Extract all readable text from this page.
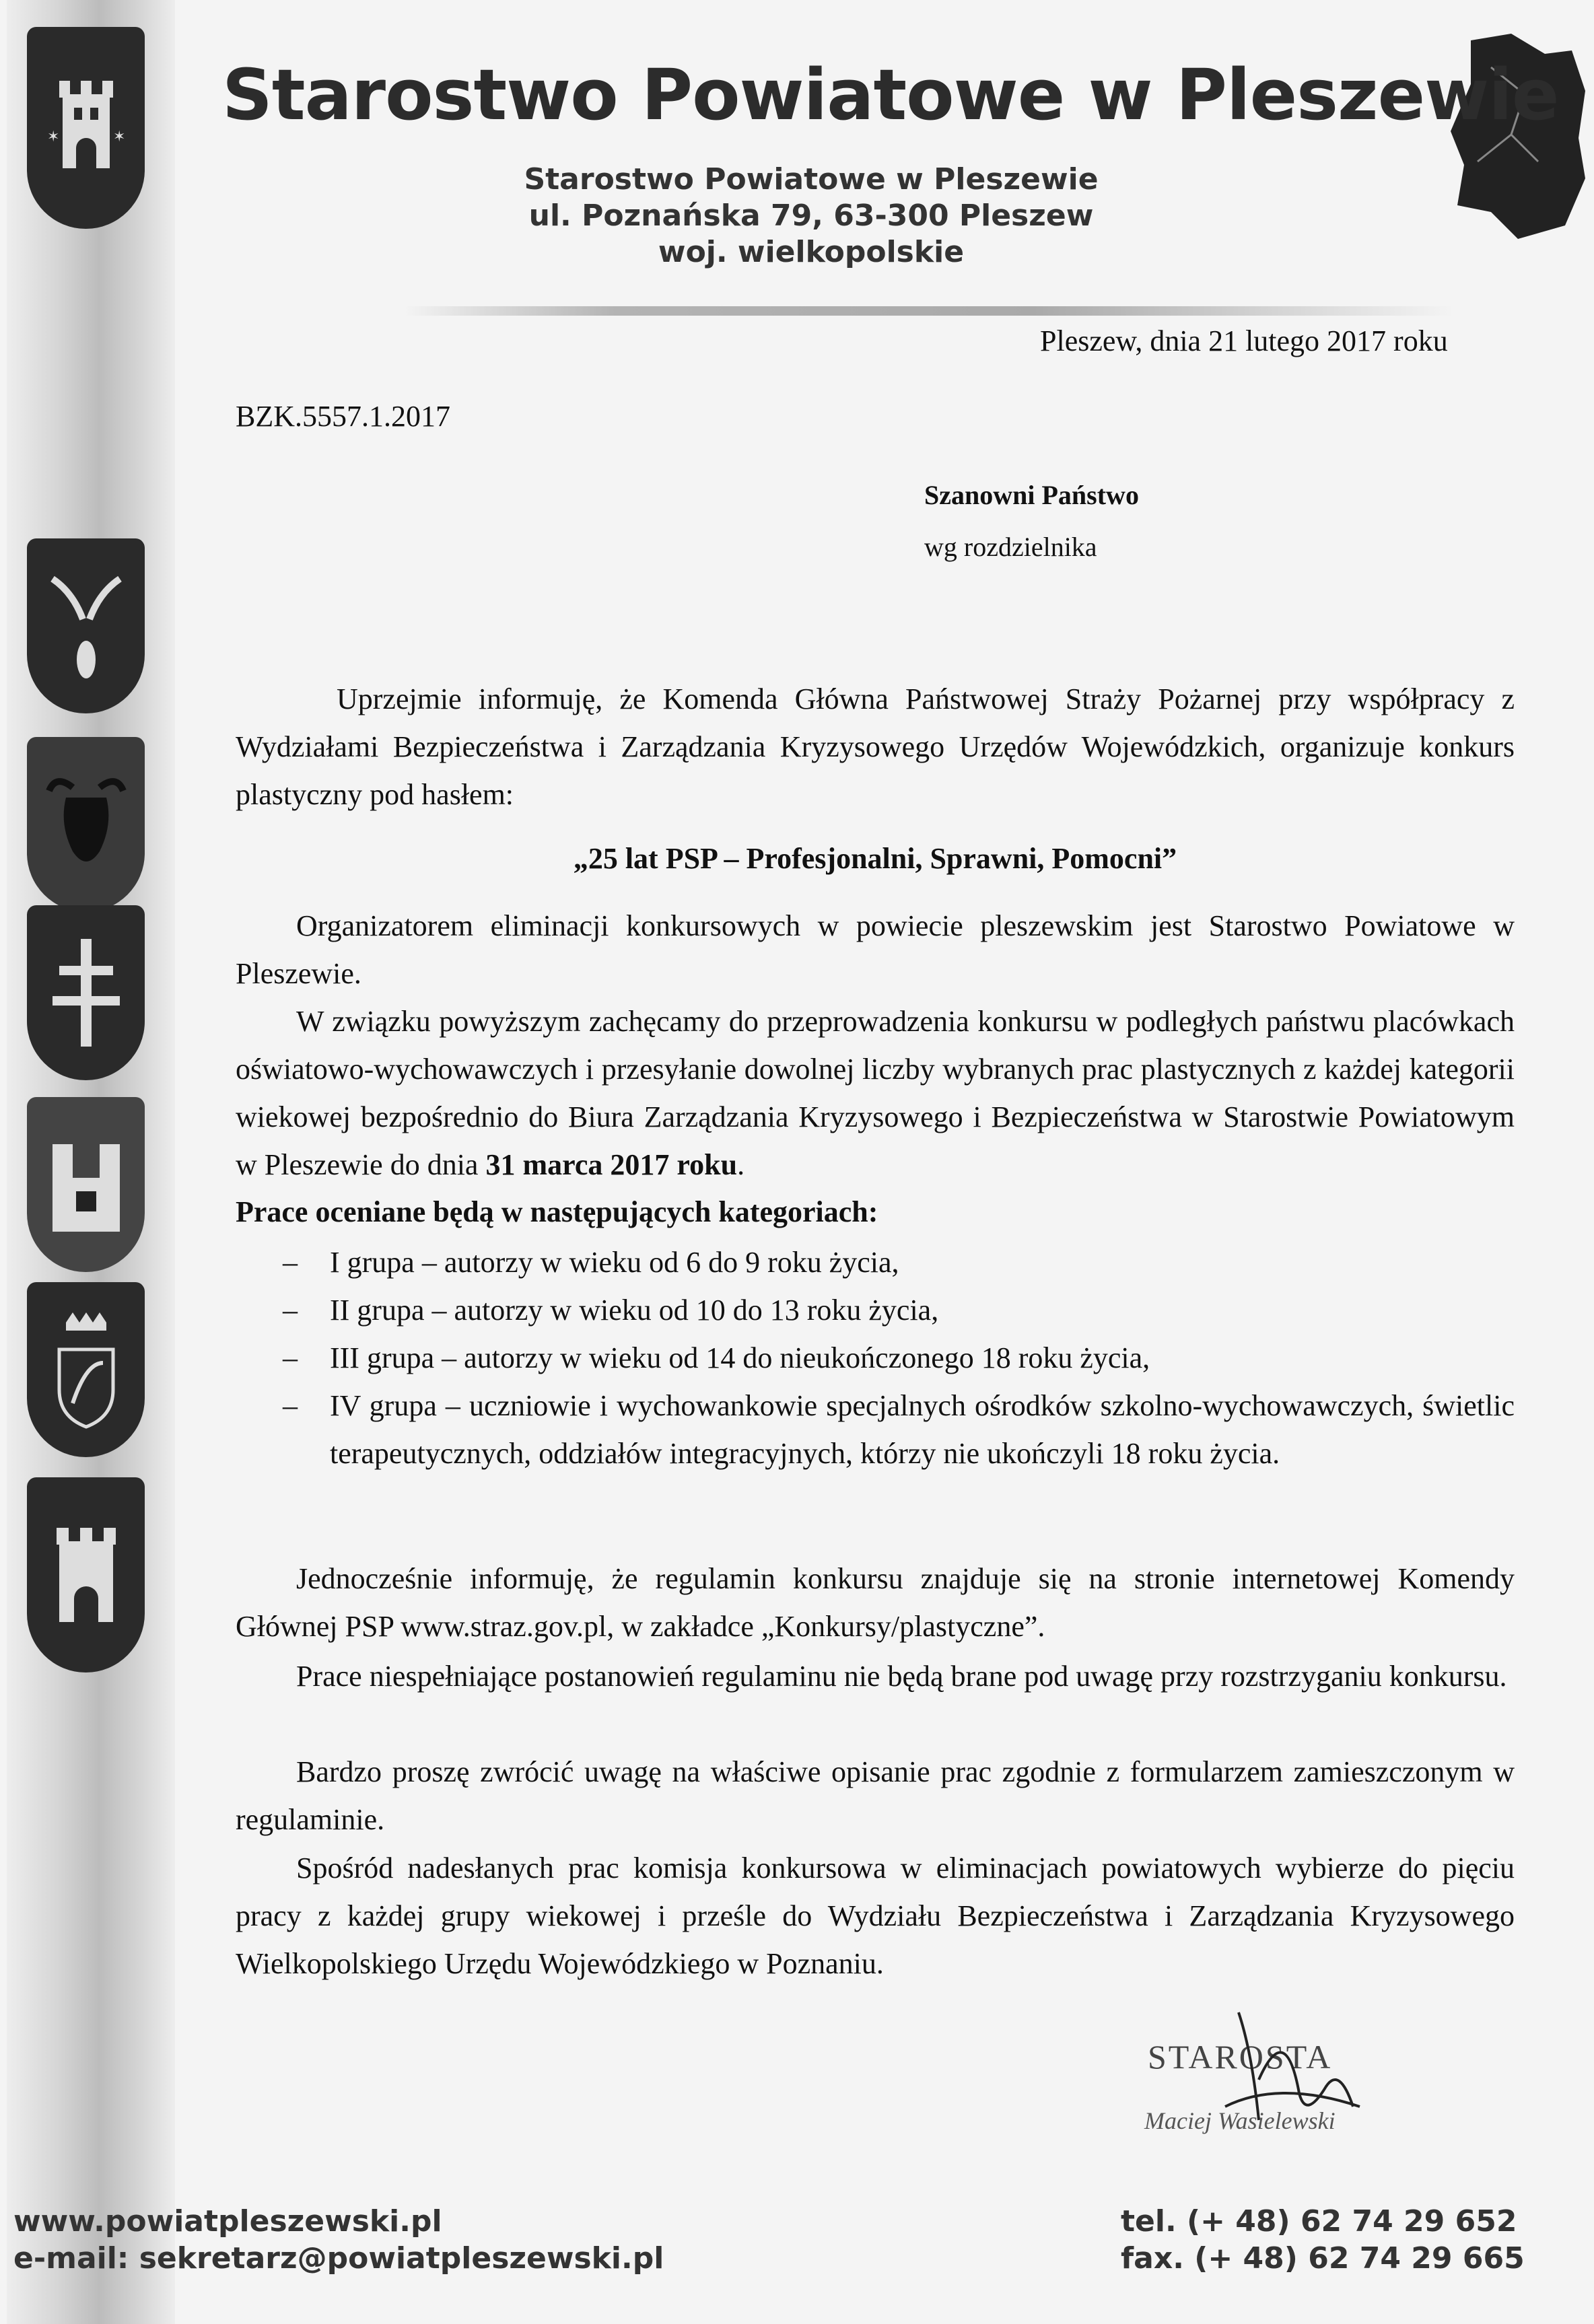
✶	✶
Starostwo Powiatowe w Pleszewie
Starostwo Powiatowe w Pleszewie
ul. Poznańska 79, 63-300 Pleszew
woj. wielkopolskie
Pleszew, dnia 21 lutego 2017 roku
BZK.5557.1.2017
Szanowni Państwo
wg rozdzielnika
Uprzejmie informuję, że Komenda Główna Państwowej Straży Pożarnej przy współpracy z Wydziałami Bezpieczeństwa i Zarządzania Kryzysowego Urzędów Wojewódzkich, organizuje konkurs plastyczny pod hasłem:
„25 lat PSP – Profesjonalni, Sprawni, Pomocni”
Organizatorem eliminacji konkursowych w powiecie pleszewskim jest Starostwo Powiatowe w Pleszewie.
W związku powyższym zachęcamy do przeprowadzenia konkursu w podległych państwu placówkach oświatowo-wychowawczych i przesyłanie dowolnej liczby wybranych prac plastycznych z każdej kategorii wiekowej bezpośrednio do Biura Zarządzania Kryzysowego i Bezpieczeństwa w Starostwie Powiatowym w Pleszewie do dnia 31 marca 2017 roku.
Prace oceniane będą w następujących kategoriach:
–	I grupa – autorzy w wieku od 6 do 9 roku życia,
–	II grupa – autorzy w wieku od 10 do 13 roku życia,
–	III grupa – autorzy w wieku od 14 do nieukończonego 18 roku życia,
–	IV grupa – uczniowie i wychowankowie specjalnych ośrodków szkolno-wychowawczych, świetlic terapeutycznych, oddziałów integracyjnych, którzy nie ukończyli 18 roku życia.
Jednocześnie informuję, że regulamin konkursu znajduje się na stronie internetowej Komendy Głównej PSP www.straz.gov.pl, w zakładce „Konkursy/plastyczne”.
Prace niespełniające postanowień regulaminu nie będą brane pod uwagę przy rozstrzyganiu konkursu.
Bardzo proszę zwrócić uwagę na właściwe opisanie prac zgodnie z formularzem zamieszczonym w regulaminie.
Spośród nadesłanych prac komisja konkursowa w eliminacjach powiatowych wybierze do pięciu pracy z każdej grupy wiekowej i prześle do Wydziału Bezpieczeństwa i Zarządzania Kryzysowego Wielkopolskiego Urzędu Wojewódzkiego w Poznaniu.
STAROSTA
Maciej Wasielewski
www.powiatpleszewski.pl
e-mail: sekretarz@powiatpleszewski.pl
tel. (+ 48) 62 74 29 652
fax. (+ 48) 62 74 29 665
